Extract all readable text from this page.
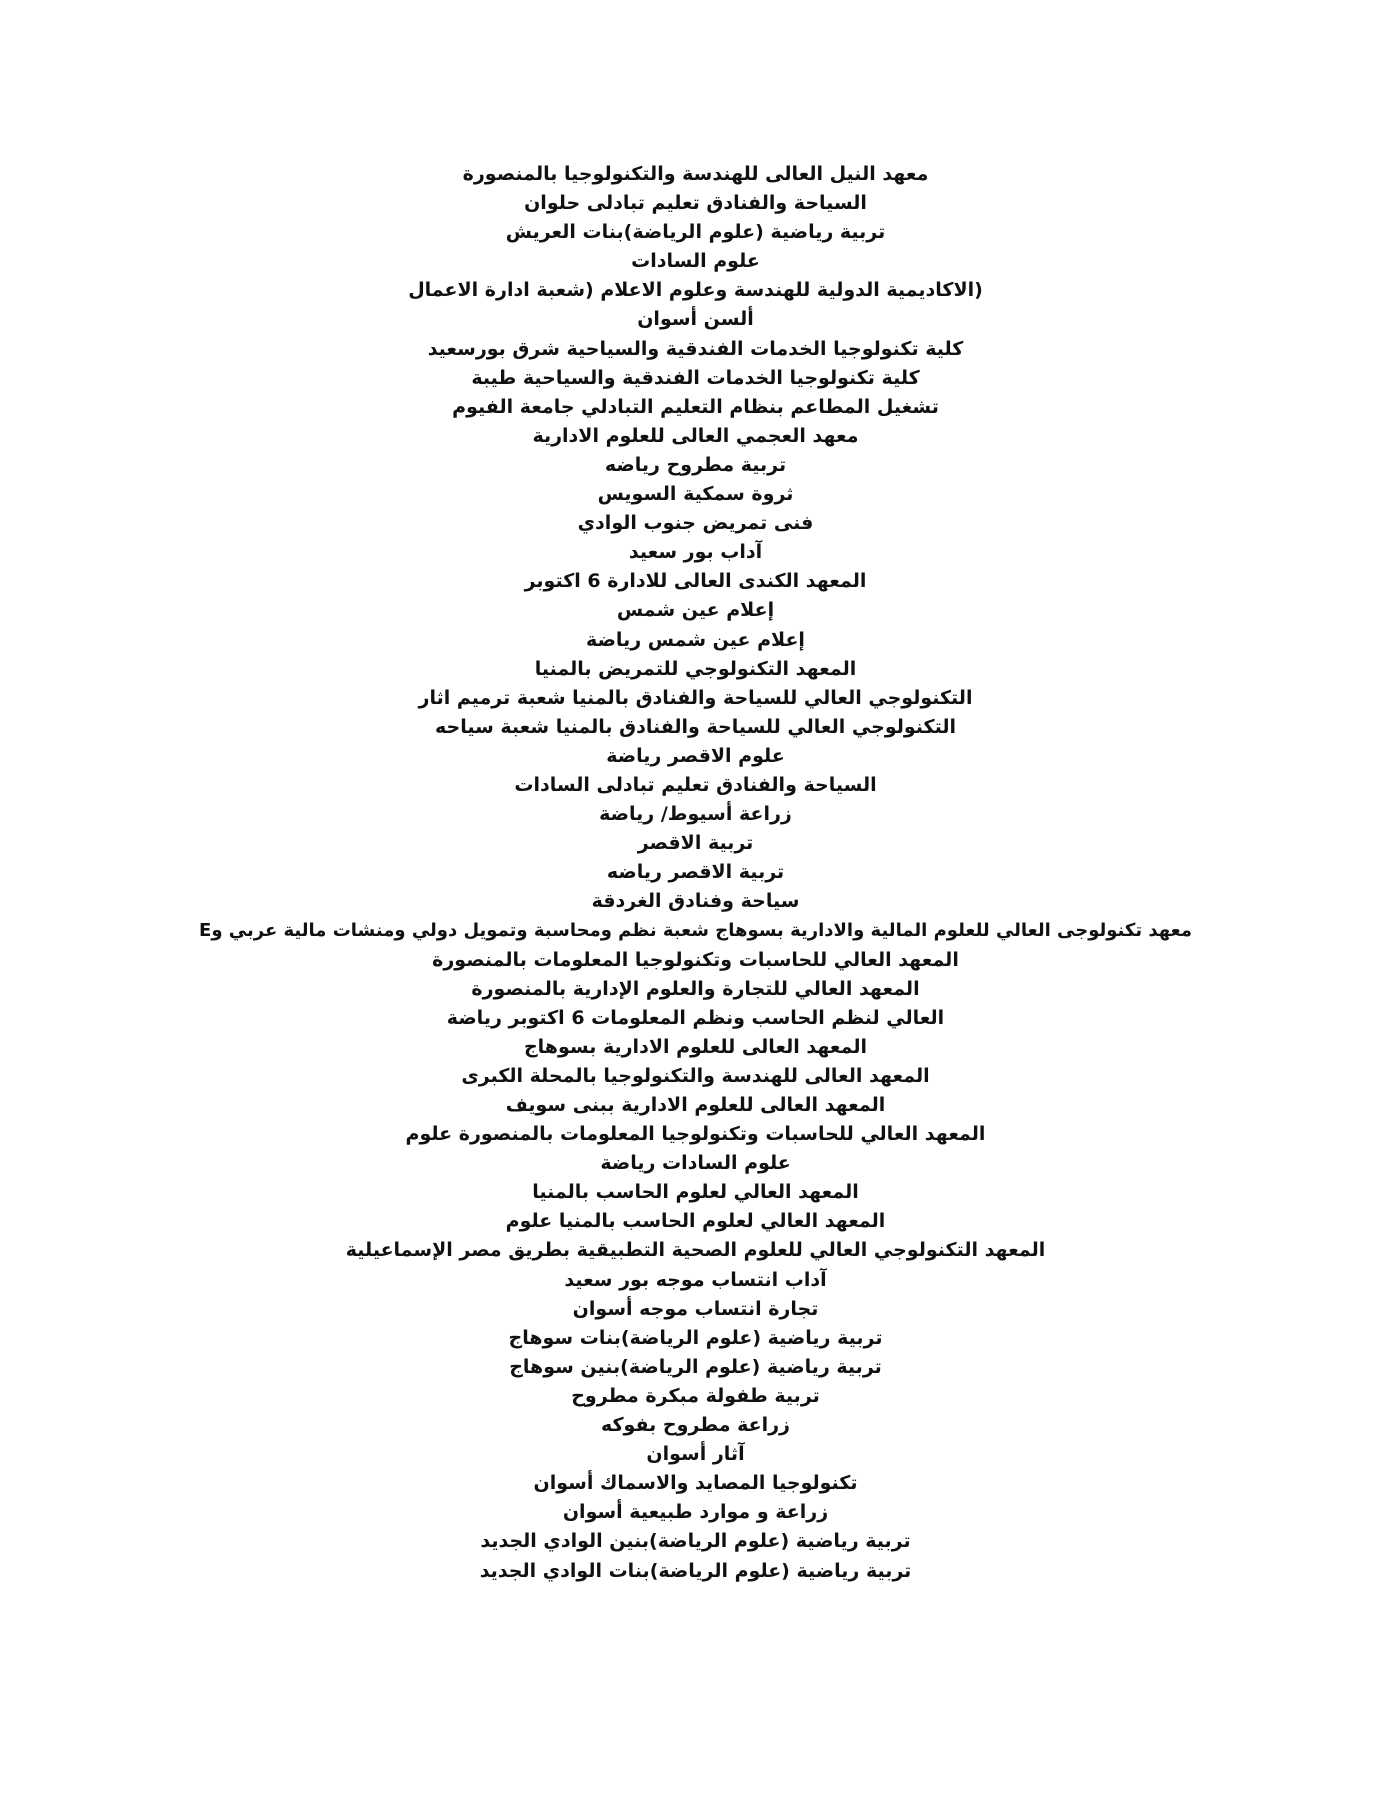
معهد النيل العالى للهندسة والتكنولوجيا بالمنصورة
السياحة والفنادق تعليم تبادلى حلوان
تربية رياضية (علوم الرياضة)بنات العريش
علوم السادات
(الاكاديمية الدولية للهندسة وعلوم الاعلام (شعبة ادارة الاعمال
ألسن أسوان
كلية تكنولوجيا الخدمات الفندقية والسياحية شرق بورسعيد
كلية تكنولوجيا الخدمات الفندقية والسياحية طيبة
تشغيل المطاعم بنظام التعليم التبادلي جامعة الفيوم
معهد العجمي العالى للعلوم الادارية
تربية مطروح رياضه
ثروة سمكية السويس
فنى تمريض جنوب الوادي
آداب بور سعيد
المعهد الكندى العالى للادارة 6 اكتوبر
إعلام عين شمس
إعلام عين شمس رياضة
المعهد التكنولوجي للتمريض بالمنيا
التكنولوجي العالي للسياحة والفنادق بالمنيا شعبة ترميم اثار
التكنولوجي العالي للسياحة والفنادق بالمنيا شعبة سياحه
علوم الاقصر رياضة
السياحة والفنادق تعليم تبادلى السادات
زراعة أسيوط/ رياضة
تربية الاقصر
تربية الاقصر رياضه
سياحة وفنادق الغردقة
Eمعهد تكنولوجى العالي للعلوم المالية والادارية بسوهاج شعبة نظم ومحاسبة وتمويل دولي ومنشات مالية عربي و
المعهد العالي للحاسبات وتكنولوجيا المعلومات بالمنصورة
المعهد العالي للتجارة والعلوم الإدارية بالمنصورة
العالي لنظم الحاسب ونظم المعلومات 6 اكتوبر رياضة
المعهد العالى للعلوم الادارية بسوهاج
المعهد العالى للهندسة والتكنولوجيا بالمحلة الكبرى
المعهد العالى للعلوم الادارية ببنى سويف
المعهد العالي للحاسبات وتكنولوجيا المعلومات بالمنصورة علوم
علوم السادات رياضة
المعهد العالي لعلوم الحاسب بالمنيا
المعهد العالي لعلوم الحاسب بالمنيا علوم
المعهد التكنولوجي العالي للعلوم الصحية التطبيقية بطريق مصر الإسماعيلية
آداب انتساب موجه بور سعيد
تجارة انتساب موجه أسوان
تربية رياضية (علوم الرياضة)بنات سوهاج
تربية رياضية (علوم الرياضة)بنين سوهاج
تربية طفولة مبكرة مطروح
زراعة مطروح بفوكه
آثار أسوان
تكنولوجيا المصايد والاسماك أسوان
زراعة و موارد طبيعية أسوان
تربية رياضية (علوم الرياضة)بنين الوادي الجديد
تربية رياضية (علوم الرياضة)بنات الوادي الجديد
